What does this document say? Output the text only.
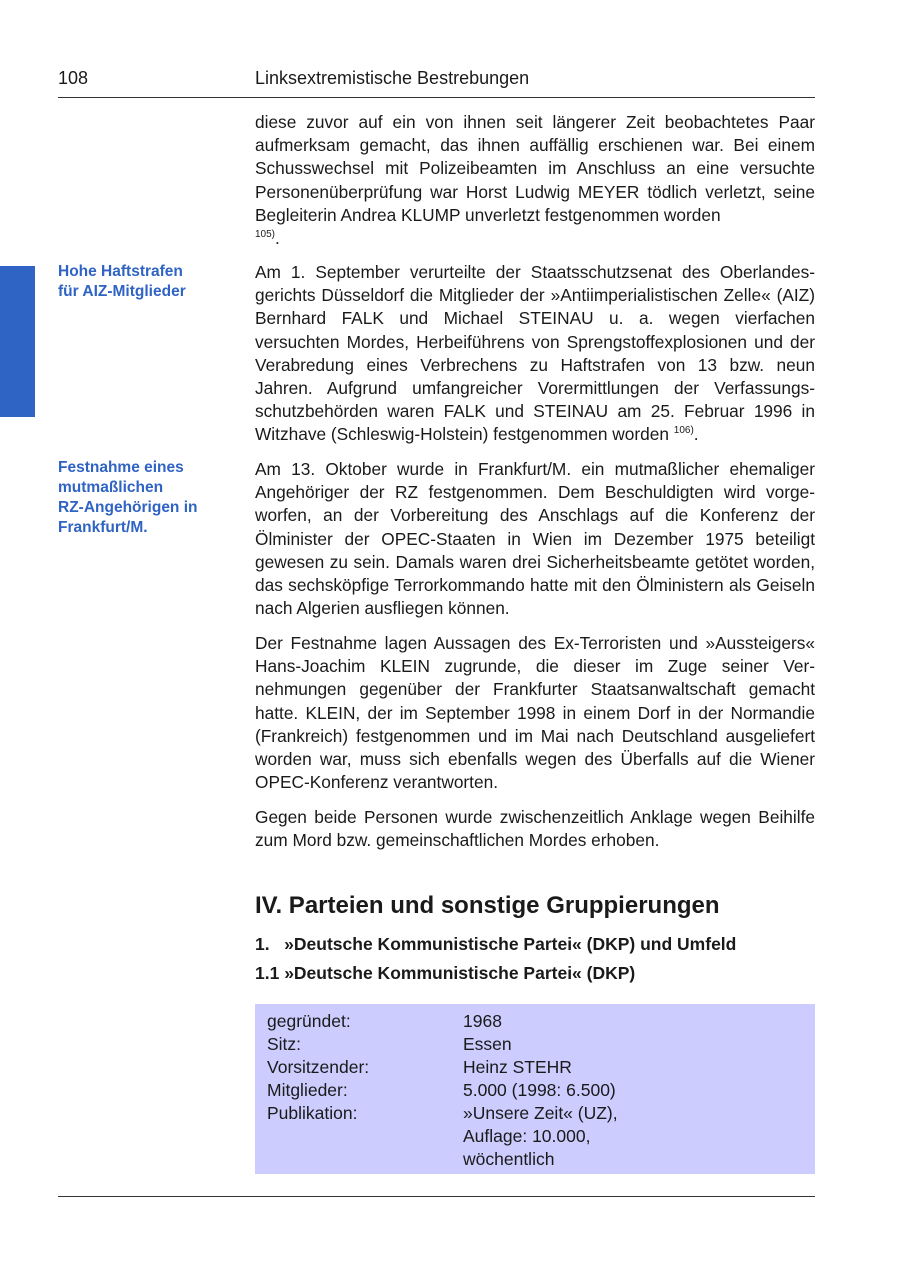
108	Linksextremistische Bestrebungen

diese zuvor auf ein von ihnen seit längerer Zeit beobachtetes Paar aufmerksam gemacht, das ihnen auffällig erschienen war. Bei einem Schusswechsel mit Polizeibeamten im Anschluss an eine versuchte Personenüberprüfung war Horst Ludwig MEYER tödlich verletzt, seine Begleiterin Andrea KLUMP unverletzt festgenommen worden
$^{105)}$.

Hohe Haftstrafen
für AIZ-Mitglieder

Am 1. September verurteilte der Staatsschutzsenat des Oberlandesgerichts Düsseldorf die Mitglieder der »Antiimperialistischen Zelle« (AIZ) Bernhard FALK und Michael STEINAU u. a. wegen vierfachen versuchten Mordes, Herbeiführens von Sprengstoffexplosionen und der Verabredung eines Verbrechens zu Haftstrafen von 13 bzw. neun Jahren. Aufgrund umfangreicher Vorermittlungen der Verfassungsschutzbehörden waren FALK und STEINAU am 25. Februar 1996 in Witzhave (Schleswig-Holstein) festgenommen worden $^{106)}$.

Festnahme eines
mutmaßlichen
RZ-Angehörigen in
Frankfurt/M.

Am 13. Oktober wurde in Frankfurt/M. ein mutmaßlicher ehemaliger Angehöriger der RZ festgenommen. Dem Beschuldigten wird vorgeworfen, an der Vorbereitung des Anschlags auf die Konferenz der Ölminister der OPEC-Staaten in Wien im Dezember 1975 beteiligt gewesen zu sein. Damals waren drei Sicherheitsbeamte getötet worden, das sechsköpfige Terrorkommando hatte mit den Ölministern als Geiseln nach Algerien ausfliegen können.

Der Festnahme lagen Aussagen des Ex-Terroristen und »Aussteigers« Hans-Joachim KLEIN zugrunde, die dieser im Zuge seiner Vernehmungen gegenüber der Frankfurter Staatsanwaltschaft gemacht hatte. KLEIN, der im September 1998 in einem Dorf in der Normandie (Frankreich) festgenommen und im Mai nach Deutschland ausgeliefert worden war, muss sich ebenfalls wegen des Überfalls auf die Wiener OPEC-Konferenz verantworten.

Gegen beide Personen wurde zwischenzeitlich Anklage wegen Beihilfe zum Mord bzw. gemeinschaftlichen Mordes erhoben.

IV. Parteien und sonstige Gruppierungen
1.   »Deutsche Kommunistische Partei« (DKP) und Umfeld
1.1 »Deutsche Kommunistische Partei« (DKP)
gegründet:	1968
Sitz:	Essen
Vorsitzender:	Heinz STEHR
Mitglieder:	5.000 (1998: 6.500)
Publikation:	»Unsere Zeit« (UZ),
Auflage: 10.000,
wöchentlich
